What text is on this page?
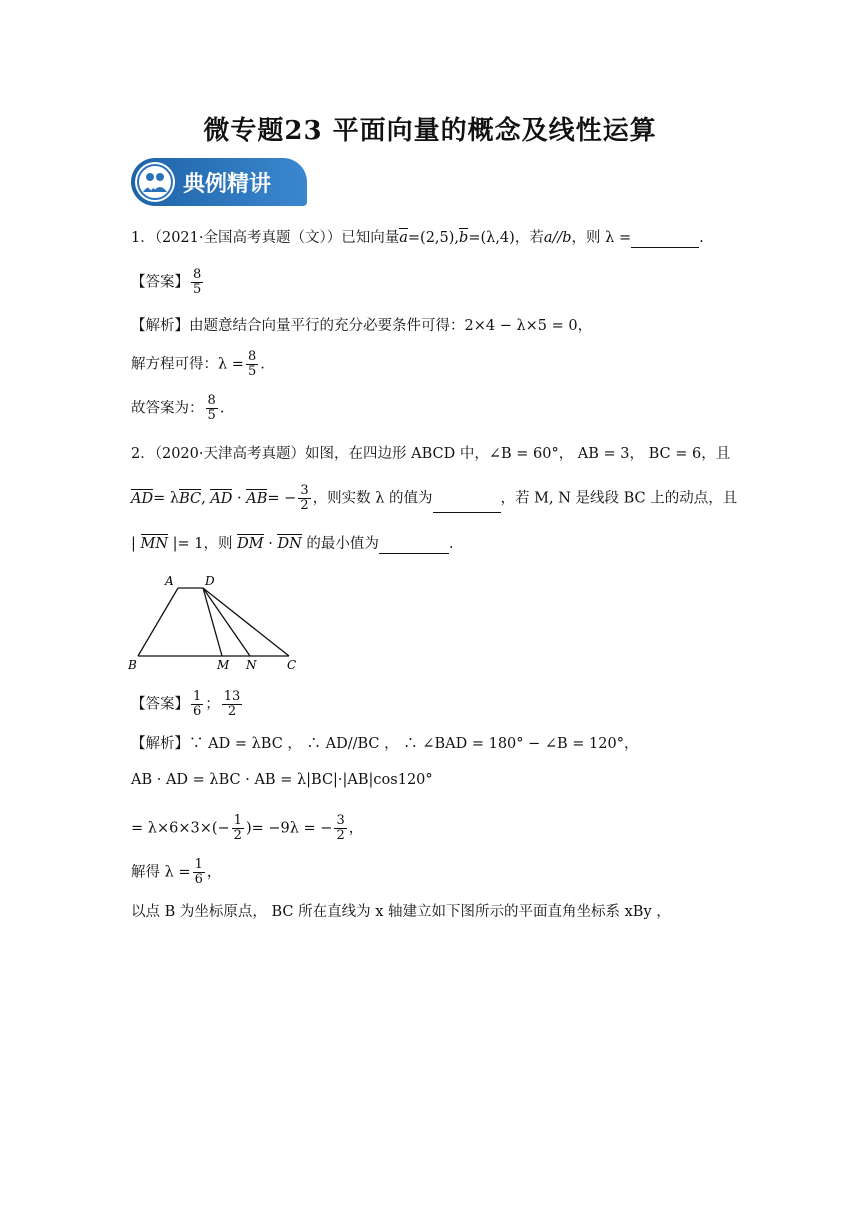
微专题23 平面向量的概念及线性运算
典例精讲
1．（2021·全国高考真题（文））已知向量a=(2,5),b=(λ,4)，若a//b，则 λ =	.
【答案】 $\frac{8}{5}$
【解析】由题意结合向量平行的充分必要条件可得：2×4 − λ×5 = 0，
解方程可得：$\lambda = \frac{8}{5}$ .
故答案为： $\frac{8}{5}$ .
2．（2020·天津高考真题）如图，在四边形 ABCD 中，∠B = 60°， AB = 3， BC = 6，且
AD= λBC, AD · $AB= - \frac{3}{2}$ ，则实数 λ 的值为	，若 M, N 是线段 BC 上的动点，且
| MN |= 1，则 DM · DN 的最小值为	.
A	D
B	M N	C
【答案】 $\frac{1}{6}$ ； $\frac{13}{2}$
【解析】∵ AD = λBC ， ∴ AD//BC ， ∴ ∠BAD = 180° − ∠B = 120°，
AB · AD = λBC · AB = λ|BC|·|AB|cos120°
= $\lambda\times 6\times 3\times(- \frac{1}{2}$ )= −9λ = − $\frac{3}{2}$ ，
解得 $\lambda = \frac{1}{6}$ ，
以点 B 为坐标原点， BC 所在直线为 x 轴建立如下图所示的平面直角坐标系 xBy ，
